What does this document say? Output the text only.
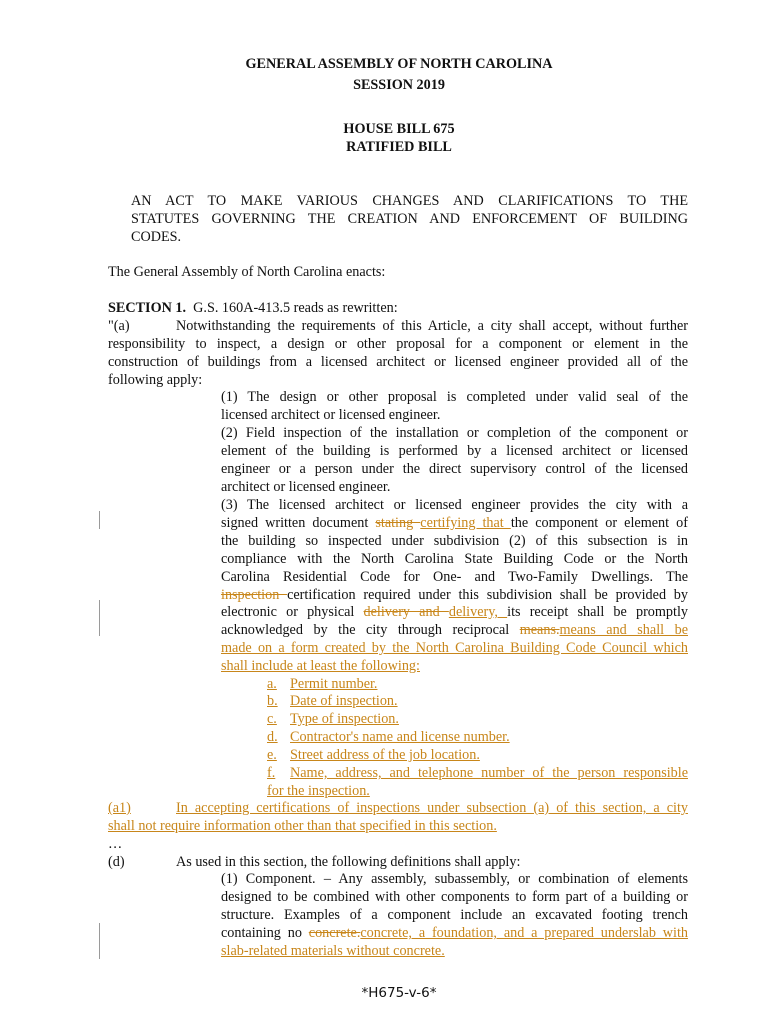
GENERAL ASSEMBLY OF NORTH CAROLINA
SESSION 2019
HOUSE BILL 675
RATIFIED BILL
AN ACT TO MAKE VARIOUS CHANGES AND CLARIFICATIONS TO THE
STATUTES GOVERNING THE CREATION AND ENFORCEMENT OF BUILDING
CODES.
The General Assembly of North Carolina enacts:
SECTION 1. G.S. 160A-413.5 reads as rewritten:
"(a)	Notwithstanding the requirements of this Article, a city shall accept, without further
responsibility to inspect, a design or other proposal for a component or element in the
construction of buildings from a licensed architect or licensed engineer provided all of the
following apply:
(1) The design or other proposal is completed under valid seal of the
licensed architect or licensed engineer.
(2) Field inspection of the installation or completion of the component or
element of the building is performed by a licensed architect or licensed
engineer or a person under the direct supervisory control of the licensed
architect or licensed engineer.
(3) The licensed architect or licensed engineer provides the city with a
signed written document stating certifying that the component or element of
the building so inspected under subdivision (2) of this subsection is in
compliance with the North Carolina State Building Code or the North
Carolina Residential Code for One- and Two-Family Dwellings. The
inspection certification required under this subdivision shall be provided by
electronic or physical delivery and delivery, its receipt shall be promptly
acknowledged by the city through reciprocal means.means and shall be
made on a form created by the North Carolina Building Code Council which
shall include at least the following:
a. Permit number.
b. Date of inspection.
c. Type of inspection.
d. Contractor's name and license number.
e. Street address of the job location.
f. Name, address, and telephone number of the person responsible
for the inspection.
(a1)	In accepting certifications of inspections under subsection (a) of this section, a city
shall not require information other than that specified in this section.
…
(d)	As used in this section, the following definitions shall apply:
(1) Component. – Any assembly, subassembly, or combination of elements
designed to be combined with other components to form part of a building or
structure. Examples of a component include an excavated footing trench
containing no concrete.concrete, a foundation, and a prepared underslab with
slab-related materials without concrete.
*H675-v-6*
